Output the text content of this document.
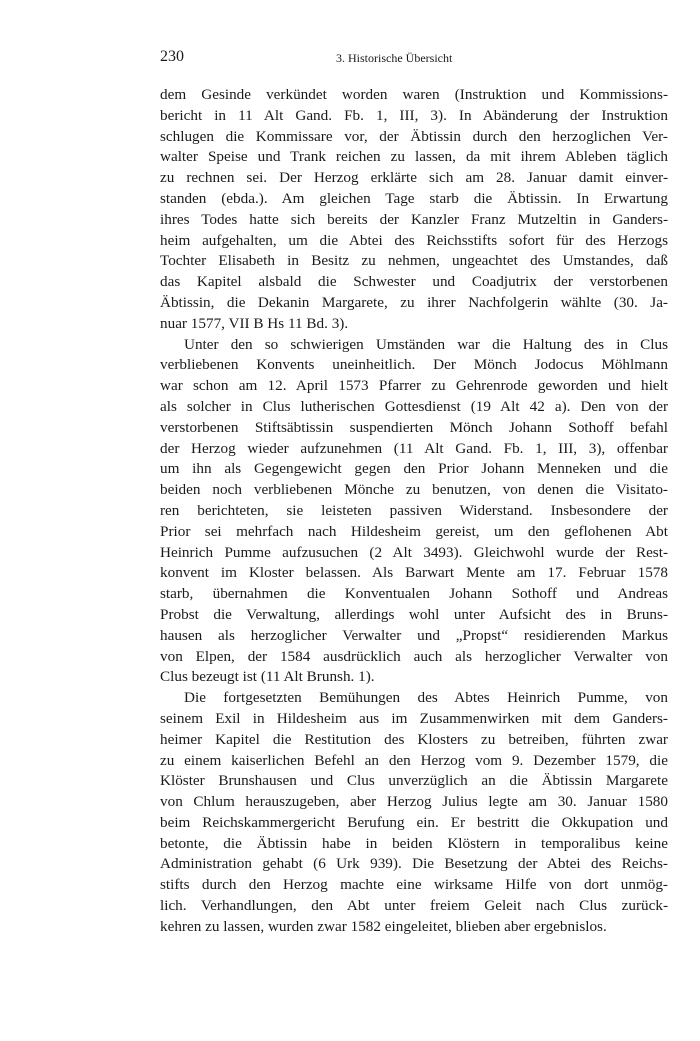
230	3. Historische Übersicht
dem Gesinde verkündet worden waren (Instruktion und Kommissions-
bericht in 11 Alt Gand. Fb. 1, III, 3). In Abänderung der Instruktion
schlugen die Kommissare vor, der Äbtissin durch den herzoglichen Ver-
walter Speise und Trank reichen zu lassen, da mit ihrem Ableben täglich
zu rechnen sei. Der Herzog erklärte sich am 28. Januar damit einver-
standen (ebda.). Am gleichen Tage starb die Äbtissin. In Erwartung
ihres Todes hatte sich bereits der Kanzler Franz Mutzeltin in Ganders-
heim aufgehalten, um die Abtei des Reichsstifts sofort für des Herzogs
Tochter Elisabeth in Besitz zu nehmen, ungeachtet des Umstandes, daß
das Kapitel alsbald die Schwester und Coadjutrix der verstorbenen
Äbtissin, die Dekanin Margarete, zu ihrer Nachfolgerin wählte (30. Ja-
nuar 1577, VII B Hs 11 Bd. 3).
Unter den so schwierigen Umständen war die Haltung des in Clus
verbliebenen Konvents uneinheitlich. Der Mönch Jodocus Möhlmann
war schon am 12. April 1573 Pfarrer zu Gehrenrode geworden und hielt
als solcher in Clus lutherischen Gottesdienst (19 Alt 42 a). Den von der
verstorbenen Stiftsäbtissin suspendierten Mönch Johann Sothoff befahl
der Herzog wieder aufzunehmen (11 Alt Gand. Fb. 1, III, 3), offenbar
um ihn als Gegengewicht gegen den Prior Johann Menneken und die
beiden noch verbliebenen Mönche zu benutzen, von denen die Visitato-
ren berichteten, sie leisteten passiven Widerstand. Insbesondere der
Prior sei mehrfach nach Hildesheim gereist, um den geflohenen Abt
Heinrich Pumme aufzusuchen (2 Alt 3493). Gleichwohl wurde der Rest-
konvent im Kloster belassen. Als Barwart Mente am 17. Februar 1578
starb, übernahmen die Konventualen Johann Sothoff und Andreas
Probst die Verwaltung, allerdings wohl unter Aufsicht des in Bruns-
hausen als herzoglicher Verwalter und „Propst“ residierenden Markus
von Elpen, der 1584 ausdrücklich auch als herzoglicher Verwalter von
Clus bezeugt ist (11 Alt Brunsh. 1).
Die fortgesetzten Bemühungen des Abtes Heinrich Pumme, von
seinem Exil in Hildesheim aus im Zusammenwirken mit dem Ganders-
heimer Kapitel die Restitution des Klosters zu betreiben, führten zwar
zu einem kaiserlichen Befehl an den Herzog vom 9. Dezember 1579, die
Klöster Brunshausen und Clus unverzüglich an die Äbtissin Margarete
von Chlum herauszugeben, aber Herzog Julius legte am 30. Januar 1580
beim Reichskammergericht Berufung ein. Er bestritt die Okkupation und
betonte, die Äbtissin habe in beiden Klöstern in temporalibus keine
Administration gehabt (6 Urk 939). Die Besetzung der Abtei des Reichs-
stifts durch den Herzog machte eine wirksame Hilfe von dort unmög-
lich. Verhandlungen, den Abt unter freiem Geleit nach Clus zurück-
kehren zu lassen, wurden zwar 1582 eingeleitet, blieben aber ergebnislos.
